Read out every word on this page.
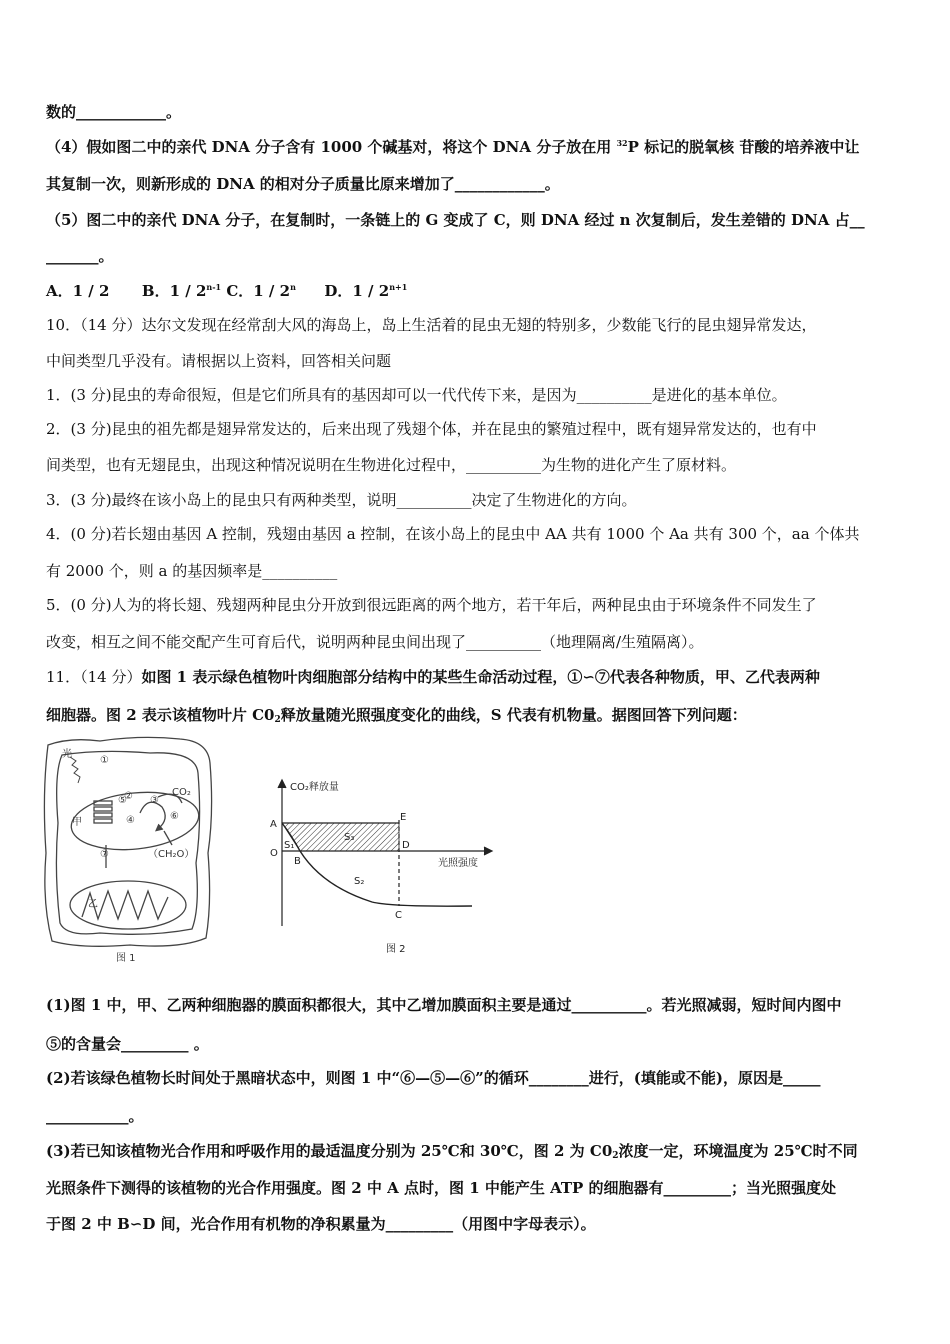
数的____________。
（4）假如图二中的亲代 DNA 分子含有 1000 个碱基对，将这个 DNA 分子放在用 $^{32}$P 标记的脱氧核 苷酸的培养液中让
其复制一次，则新形成的 DNA 的相对分子质量比原来增加了____________。
（5）图二中的亲代 DNA 分子，在复制时，一条链上的 G 变成了 C，则 DNA 经过 n 次复制后，发生差错的 DNA 占__
_______。
A．1 / 2 B．1 / 2$^{n-1}$ C．1 / 2$^n$ D．$1 / 2^{n+1}$
10．（14 分）达尔文发现在经常刮大风的海岛上，岛上生活着的昆虫无翅的特别多，少数能飞行的昆虫翅异常发达，
中间类型几乎没有。请根据以上资料，回答相关问题
1．(3 分)昆虫的寿命很短，但是它们所具有的基因却可以一代代传下来，是因为__________是进化的基本单位。
2．(3 分)昆虫的祖先都是翅异常发达的，后来出现了残翅个体，并在昆虫的繁殖过程中，既有翅异常发达的，也有中
间类型，也有无翅昆虫，出现这种情况说明在生物进化过程中，__________为生物的进化产生了原材料。
3．(3 分)最终在该小岛上的昆虫只有两种类型，说明__________决定了生物进化的方向。
4．(0 分)若长翅由基因 A 控制，残翅由基因 a 控制，在该小岛上的昆虫中 AA 共有 1000 个 Aa 共有 300 个，aa 个体共
有 2000 个，则 a 的基因频率是__________
5．(0 分)人为的将长翅、残翅两种昆虫分开放到很远距离的两个地方，若干年后，两种昆虫由于环境条件不同发生了
改变，相互之间不能交配产生可育后代，说明两种昆虫间出现了__________（地理隔离/生殖隔离）。
11．（14 分）如图 1 表示绿色植物叶肉细胞部分结构中的某些生命活动过程，①∽⑦代表各种物质，甲、乙代表两种
细胞器。图 2 表示该植物叶片 $C0_2$释放量随光照强度变化的曲线，S 代表有机物量。据图回答下列问题：
光
①
② ③
④
⑤
⑥
⑦
CO₂
（CH₂O）
甲
乙
图 1
CO₂释放量
光照强度
A
O
B
C
D
E
S₁
S₃
S₂
图 2
(1)图 1 中，甲、乙两种细胞器的膜面积都很大，其中乙增加膜面积主要是通过__________。若光照减弱，短时间内图中
⑤的含量会_________ 。
(2)若该绿色植物长时间处于黑暗状态中，则图 1 中“⑥—⑤—⑥”的循环________进行，(填能或不能)，原因是_____
___________。
(3)若已知该植物光合作用和呼吸作用的最适温度分别为 25℃和 30℃，图 2 为 $C0_2$浓度一定，环境温度为 25℃时不同
光照条件下测得的该植物的光合作用强度。图 2 中 A 点时，图 1 中能产生 ATP 的细胞器有_________；当光照强度处
于图 2 中 B∽D 间，光合作用有机物的净积累量为_________（用图中字母表示）。
